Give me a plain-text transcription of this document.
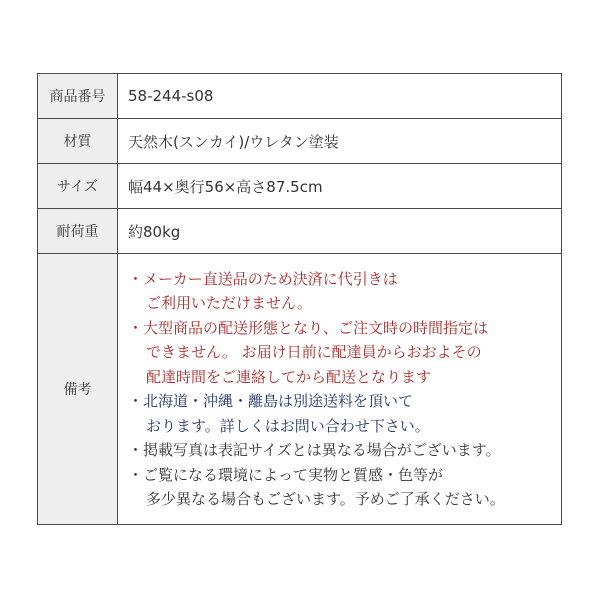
商品番号	58-244-s08
材質	天然木(スンカイ)/ウレタン塗装
サイズ	幅44×奥行56×高さ87.5cm
耐荷重	約80kg
備考
・メーカー直送品のため決済に代引きは
ご利用いただけません。
・大型商品の配送形態となり、ご注文時の時間指定は
できません。 お届け日前に配達員からおおよその
配達時間をご連絡してから配送となります
・北海道・沖縄・離島は別途送料を頂いて
おります。詳しくはお問い合わせ下さい。
・掲載写真は表記サイズとは異なる場合がございます。
・ご覧になる環境によって実物と質感・色等が
多少異なる場合もございます。予めご了承ください。
